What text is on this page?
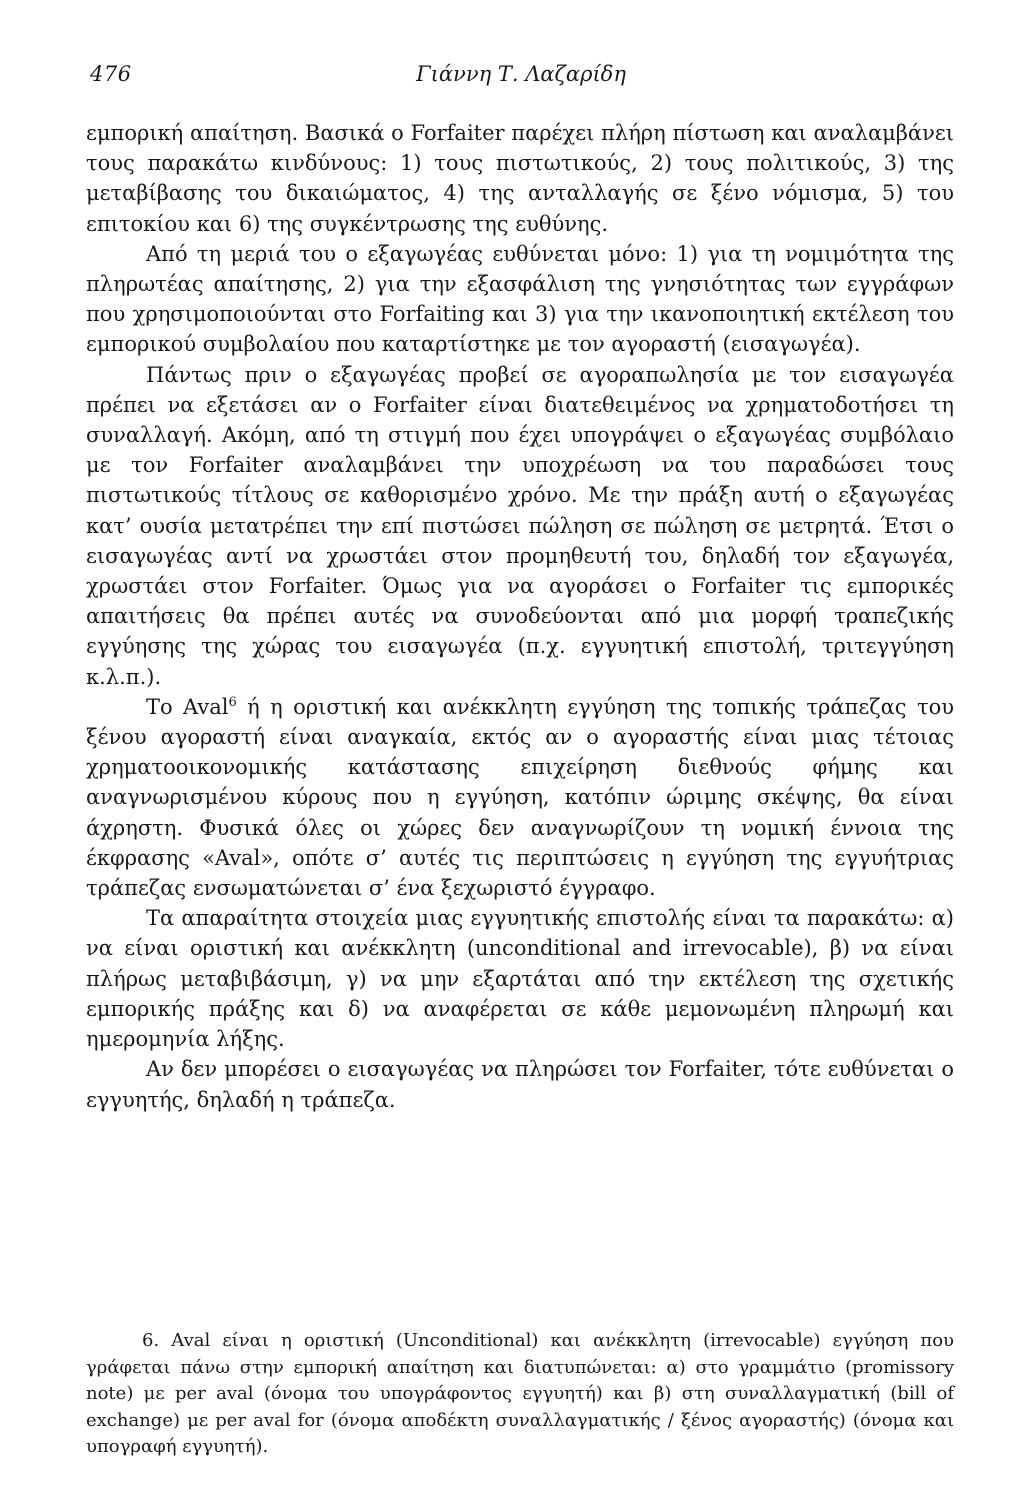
476	Γιάννη Τ. Λαζαρίδη

εμπορική απαίτηση. Βασικά ο Forfaiter παρέχει πλήρη πίστωση και αναλαμβάνει τους παρακάτω κινδύνους: 1) τους πιστωτικούς, 2) τους πολιτικούς, 3) της μεταβίβασης του δικαιώματος, 4) της ανταλλαγής σε ξένο νόμισμα, 5) του επιτοκίου και 6) της συγκέντρωσης της ευθύνης.

Από τη μεριά του ο εξαγωγέας ευθύνεται μόνο: 1) για τη νομιμότητα της πληρωτέας απαίτησης, 2) για την εξασφάλιση της γνησιότητας των εγγράφων που χρησιμοποιούνται στο Forfaiting και 3) για την ικανοποιητική εκτέλεση του εμπορικού συμβολαίου που καταρτίστηκε με τον αγοραστή (εισαγωγέα).

Πάντως πριν ο εξαγωγέας προβεί σε αγοραπωλησία με τον εισαγωγέα πρέπει να εξετάσει αν ο Forfaiter είναι διατεθειμένος να χρηματοδοτήσει τη συναλλαγή. Ακόμη, από τη στιγμή που έχει υπογράψει ο εξαγωγέας συμβόλαιο με τον Forfaiter αναλαμβάνει την υποχρέωση να του παραδώσει τους πιστωτικούς τίτλους σε καθορισμένο χρόνο. Με την πράξη αυτή ο εξαγωγέας κατ’ ουσία μετατρέπει την επί πιστώσει πώληση σε πώληση σε μετρητά. Έτσι ο εισαγωγέας αντί να χρωστάει στον προμηθευτή του, δηλαδή τον εξαγωγέα, χρωστάει στον Forfaiter. Όμως για να αγοράσει ο Forfaiter τις εμπορικές απαιτήσεις θα πρέπει αυτές να συνοδεύονται από μια μορφή τραπεζικής εγγύησης της χώρας του εισαγωγέα (π.χ. εγγυητική επιστολή, τριτεγγύηση κ.λ.π.).

Το Aval$^6$ ή η οριστική και ανέκκλητη εγγύηση της τοπικής τράπεζας του ξένου αγοραστή είναι αναγκαία, εκτός αν ο αγοραστής είναι μιας τέτοιας χρηματοοικονομικής κατάστασης επιχείρηση διεθνούς φήμης και αναγνωρισμένου κύρους που η εγγύηση, κατόπιν ώριμης σκέψης, θα είναι άχρηστη. Φυσικά όλες οι χώρες δεν αναγνωρίζουν τη νομική έννοια της έκφρασης «Aval», οπότε σ’ αυτές τις περιπτώσεις η εγγύηση της εγγυήτριας τράπεζας ενσωματώνεται σ’ ένα ξεχωριστό έγγραφο.

Τα απαραίτητα στοιχεία μιας εγγυητικής επιστολής είναι τα παρακάτω: α) να είναι οριστική και ανέκκλητη (unconditional and irrevocable), β) να είναι πλήρως μεταβιβάσιμη, γ) να μην εξαρτάται από την εκτέλεση της σχετικής εμπορικής πράξης και δ) να αναφέρεται σε κάθε μεμονωμένη πληρωμή και ημερομηνία λήξης.

Αν δεν μπορέσει ο εισαγωγέας να πληρώσει τον Forfaiter, τότε ευθύνεται ο εγγυητής, δηλαδή η τράπεζα.

6. Aval είναι η οριστική (Unconditional) και ανέκκλητη (irrevocable) εγγύηση που γράφεται πάνω στην εμπορική απαίτηση και διατυπώνεται: α) στο γραμμάτιο (promissory note) με per aval (όνομα του υπογράφοντος εγγυητή) και β) στη συναλλαγματική (bill of exchange) με per aval for (όνομα αποδέκτη συναλλαγματικής / ξένος αγοραστής) (όνομα και υπογραφή εγγυητή).
